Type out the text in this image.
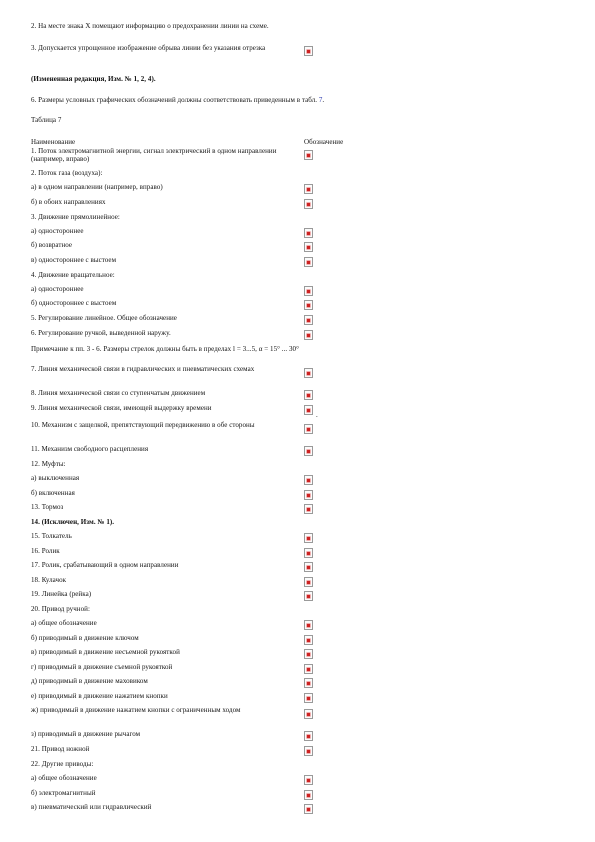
2. На месте знака Х помещают информацию о предохранении линии на схеме.
3. Допускается упрощенное изображение обрыва линии без указания отрезка
(Измененная редакция, Изм. № 1, 2, 4).
6. Размеры условных графических обозначений должны соответствовать приведенным в табл. 7.
Таблица 7
Наименование	Обозначение
1. Поток электромагнитной энергии, сигнал электрический в одном направлении (например, вправо)
2. Поток газа (воздуха):
а) в одном направлении (например, вправо)
б) в обоих направлениях
3. Движение прямолинейное:
а) одностороннее
б) возвратное
в) одностороннее с выстоем
4. Движение вращательное:
а) одностороннее
б) одностороннее с выстоем
5. Регулирование линейное. Общее обозначение
6. Регулирование ручкой, выведенной наружу.
Примечание к пп. 3 - 6. Размеры стрелок должны быть в пределах l = 3...5, α = 15° ... 30°
7. Линия механической связи в гидравлических и пневматических схемах
8. Линия механической связи со ступенчатым движением
9. Линия механической связи, имеющей выдержку времени
.
10. Механизм с защелкой, препятствующий передвижению в обе стороны
11. Механизм свободного расцепления
12. Муфты:
а) выключенная
б) включенная
13. Тормоз
14. (Исключен, Изм. № 1).
15. Толкатель
16. Ролик
17. Ролик, срабатывающий в одном направлении
18. Кулачок
19. Линейка (рейка)
20. Привод ручной:
а) общее обозначение
б) приводимый в движение ключом
в) приводимый в движение несъемной рукояткой
г) приводимый в движение съемной рукояткой
д) приводимый в движение маховиком
е) приводимый в движение нажатием кнопки
ж) приводимый в движение нажатием кнопки с ограниченным ходом
з) приводимый в движение рычагом
21. Привод ножной
22. Другие приводы:
а) общее обозначение
б) электромагнитный
в) пневматический или гидравлический
